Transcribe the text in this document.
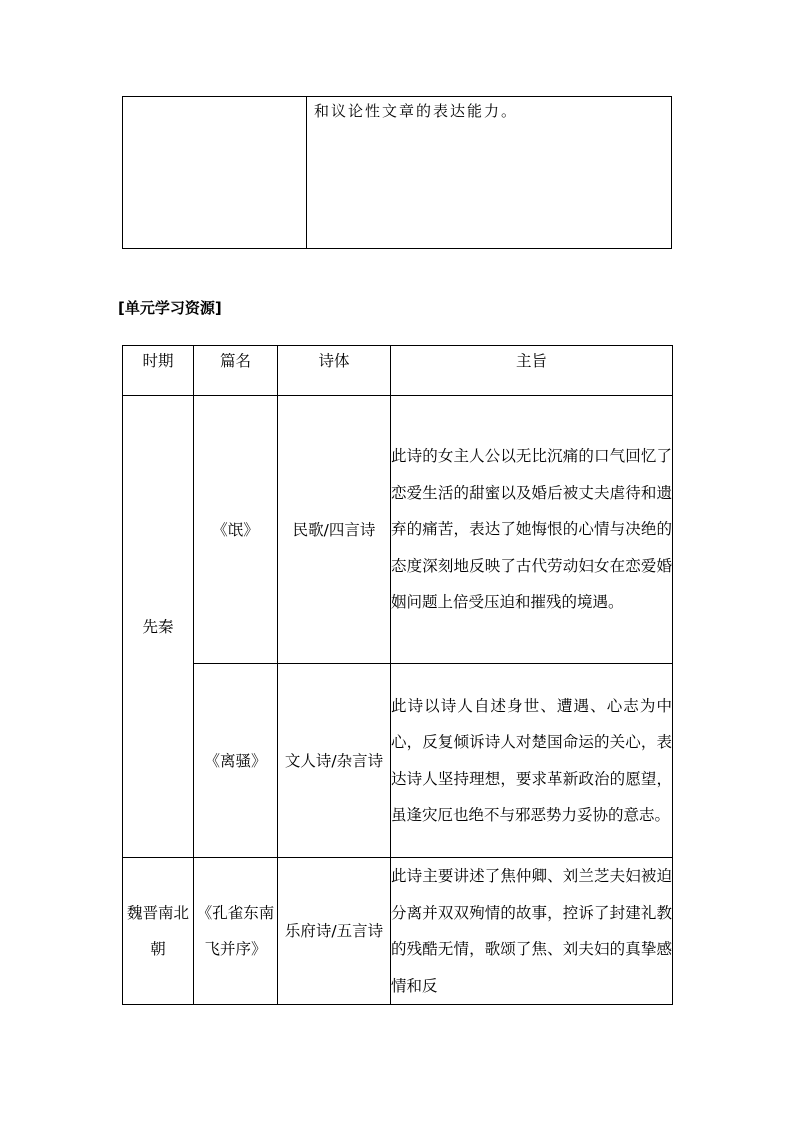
和议论性文章的表达能力。
[单元学习资源]
时期	篇名	诗体	主旨
先秦	《氓》	民歌/四言诗	此诗的女主人公以无比沉痛的口气回忆了恋爱生活的甜蜜以及婚后被丈夫虐待和遗弃的痛苦，表达了她悔恨的心情与决绝的态度深刻地反映了古代劳动妇女在恋爱婚姻问题上倍受压迫和摧残的境遇。

	《离骚》	文人诗/杂言诗	此诗以诗人自述身世、遭遇、心志为中心，反复倾诉诗人对楚国命运的关心，表达诗人坚持理想，要求革新政治的愿望，虽逢灾厄也绝不与邪恶势力妥协的意志。

魏晋南北朝	《孔雀东南飞并序》	乐府诗/五言诗	此诗主要讲述了焦仲卿、刘兰芝夫妇被迫分离并双双殉情的故事，控诉了封建礼教的残酷无情，歌颂了焦、刘夫妇的真挚感情和反
